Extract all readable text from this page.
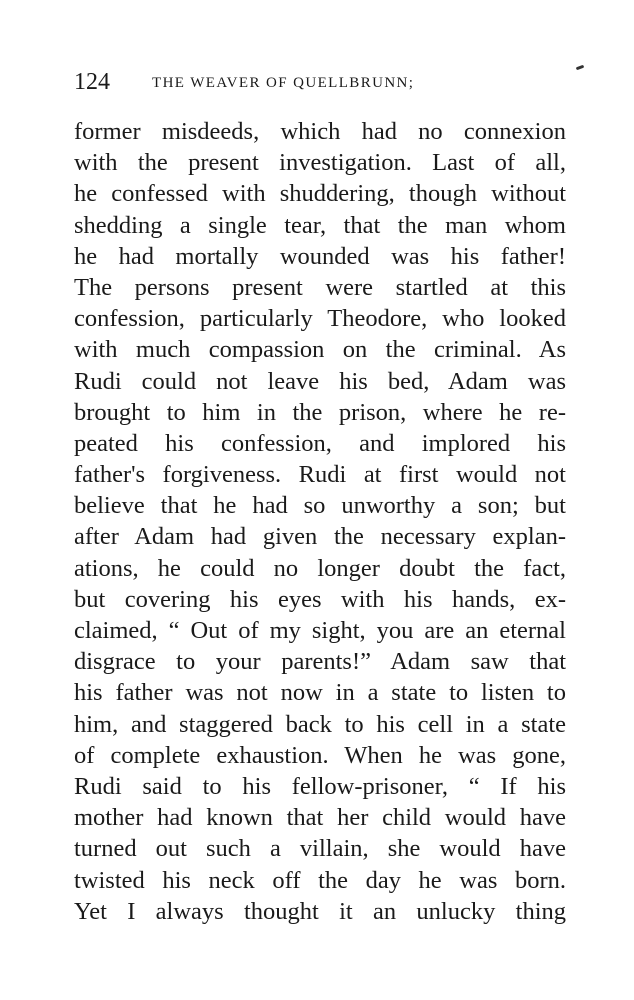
124	THE WEAVER OF QUELLBRUNN;
former misdeeds, which had no connexion
with the present investigation. Last of all,
he confessed with shuddering, though without
shedding a single tear, that the man whom
he had mortally wounded was his father!
The persons present were startled at this
confession, particularly Theodore, who looked
with much compassion on the criminal. As
Rudi could not leave his bed, Adam was
brought to him in the prison, where he re-
peated his confession, and implored his
father's forgiveness. Rudi at first would not
believe that he had so unworthy a son; but
after Adam had given the necessary explan-
ations, he could no longer doubt the fact,
but covering his eyes with his hands, ex-
claimed, “ Out of my sight, you are an eternal
disgrace to your parents!” Adam saw that
his father was not now in a state to listen to
him, and staggered back to his cell in a state
of complete exhaustion. When he was gone,
Rudi said to his fellow-prisoner, “ If his
mother had known that her child would have
turned out such a villain, she would have
twisted his neck off the day he was born.
Yet I always thought it an unlucky thing
